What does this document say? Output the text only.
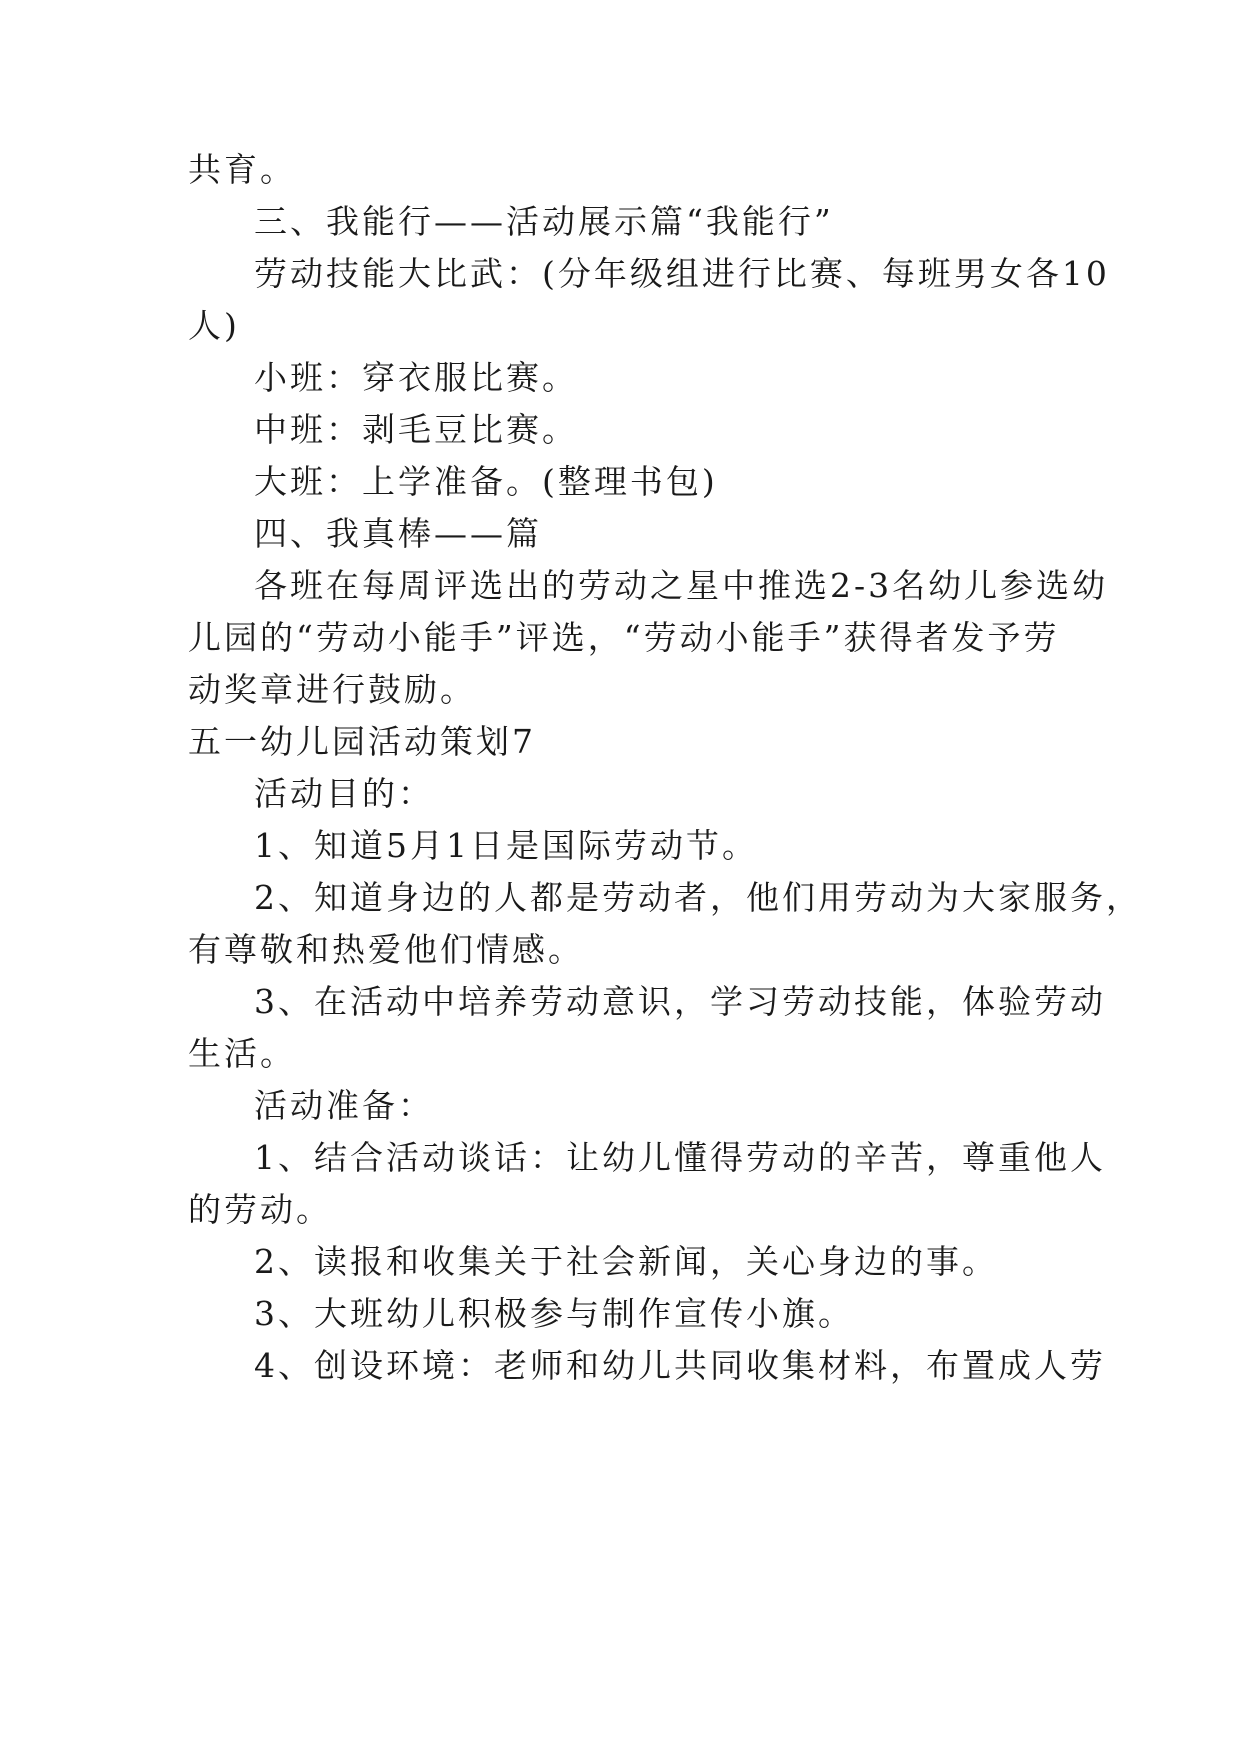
共育。
三、我能行——活动展示篇“我能行”
劳动技能大比武：(分年级组进行比赛、每班男女各10
人)
小班：穿衣服比赛。
中班：剥毛豆比赛。
大班：上学准备。(整理书包)
四、我真棒——篇
各班在每周评选出的劳动之星中推选2-3名幼儿参选幼
儿园的“劳动小能手”评选，“劳动小能手”获得者发予劳
动奖章进行鼓励。
五一幼儿园活动策划7
活动目的：
1、知道5月1日是国际劳动节。
2、知道身边的人都是劳动者，他们用劳动为大家服务，
有尊敬和热爱他们情感。
3、在活动中培养劳动意识，学习劳动技能，体验劳动
生活。
活动准备：
1、结合活动谈话：让幼儿懂得劳动的辛苦，尊重他人
的劳动。
2、读报和收集关于社会新闻，关心身边的事。
3、大班幼儿积极参与制作宣传小旗。
4、创设环境：老师和幼儿共同收集材料，布置成人劳
